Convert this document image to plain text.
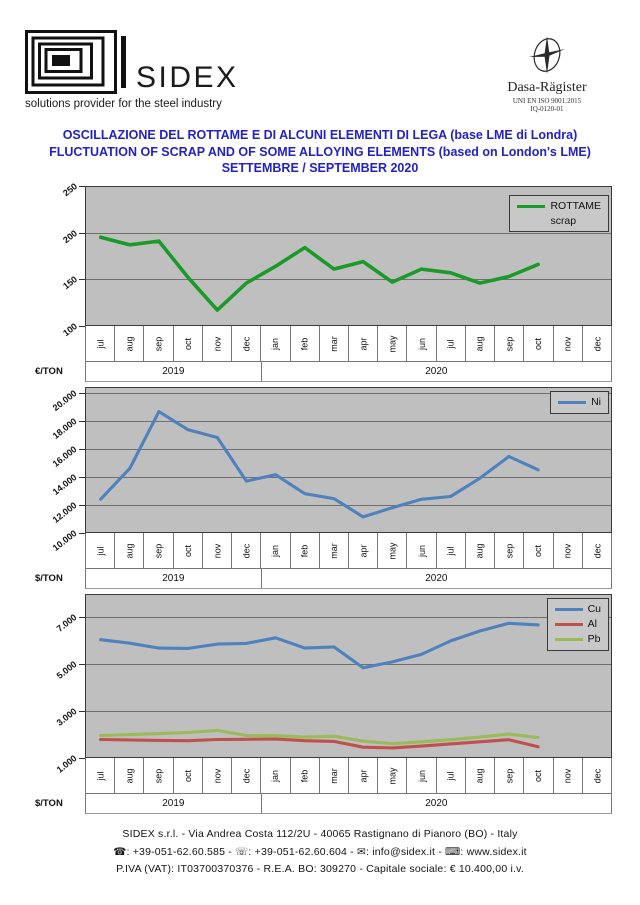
SIDEX
solutions provider for the steel industry
Dasa-Rägister
UNI EN ISO 9001:2015
IQ-0120-01
OSCILLAZIONE DEL ROTTAME E DI ALCUNI ELEMENTI DI LEGA (base LME di Londra)
FLUCTUATION OF SCRAP AND OF SOME ALLOYING ELEMENTS (based on London's LME)
SETTEMBRE / SEPTEMBER 2020
100
150
200
250
ROTTAME
scrap
jul aug sep oct nov dec jan feb mar apr may jun jul aug sep oct nov dec
2019	2020
€/TON
10.000
12.000
14.000
16.000
18.000
20.000	Ni
jul aug sep oct nov dec jan feb mar apr may jun jul aug sep oct nov dec
2019	2020
$/TON
1.000
3.000
5.000
7.000
Cu
Al
Pb
jul aug sep oct nov dec jan feb mar apr may jun jul aug sep oct nov dec
2019	2020
$/TON
SIDEX s.r.l. - Via Andrea Costa 112/2U - 40065 Rastignano di Pianoro (BO) - Italy
☎: +39-051-62.60.585 - ☏: +39-051-62.60.604 - ✉: info@sidex.it - ⌨: www.sidex.it
P.IVA (VAT): IT03700370376 - R.E.A. BO: 309270 - Capitale sociale: € 10.400,00 i.v.
